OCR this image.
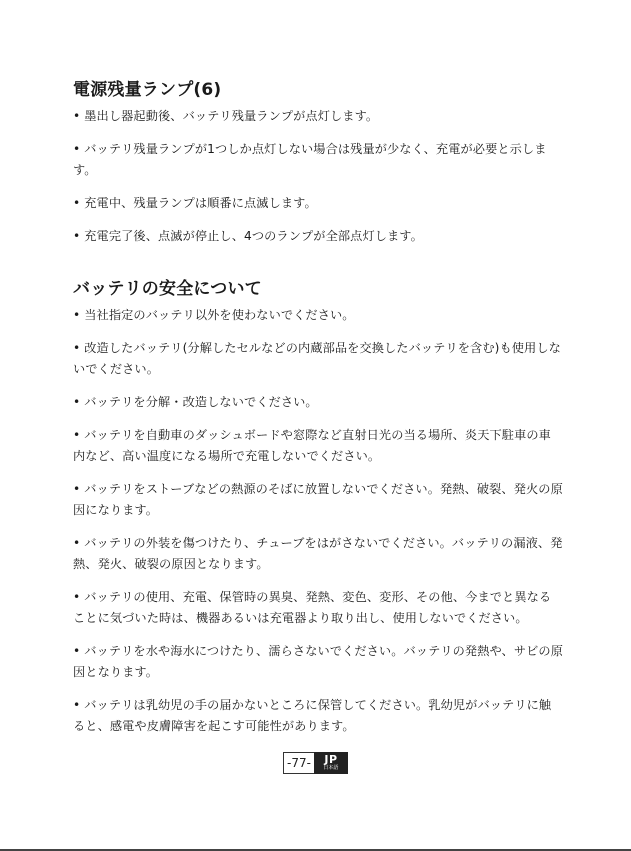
電源残量ランプ(6)

• 墨出し器起動後、バッテリ残量ランプが点灯します。

• バッテリ残量ランプが1つしか点灯しない場合は残量が少なく、充電が必要と示します。

• 充電中、残量ランプは順番に点滅します。

• 充電完了後、点滅が停止し、4つのランプが全部点灯します。

バッテリの安全について

• 当社指定のバッテリ以外を使わないでください。

• 改造したバッテリ(分解したセルなどの内蔵部品を交換したバッテリを含む)も使用しないでください。

• バッテリを分解・改造しないでください。

• バッテリを自動車のダッシュボードや窓際など直射日光の当る場所、炎天下駐車の車内など、高い温度になる場所で充電しないでください。

• バッテリをストーブなどの熱源のそばに放置しないでください。発熱、破裂、発火の原因になります。

• バッテリの外装を傷つけたり、チューブをはがさないでください。バッテリの漏液、発熱、発火、破裂の原因となります。

• バッテリの使用、充電、保管時の異臭、発熱、変色、変形、その他、今までと異なることに気づいた時は、機器あるいは充電器より取り出し、使用しないでください。

• バッテリを水や海水につけたり、濡らさないでください。バッテリの発熱や、サビの原因となります。

• バッテリは乳幼児の手の届かないところに保管してください。乳幼児がバッテリに触ると、感電や皮膚障害を起こす可能性があります。

-77- JP
日本語
